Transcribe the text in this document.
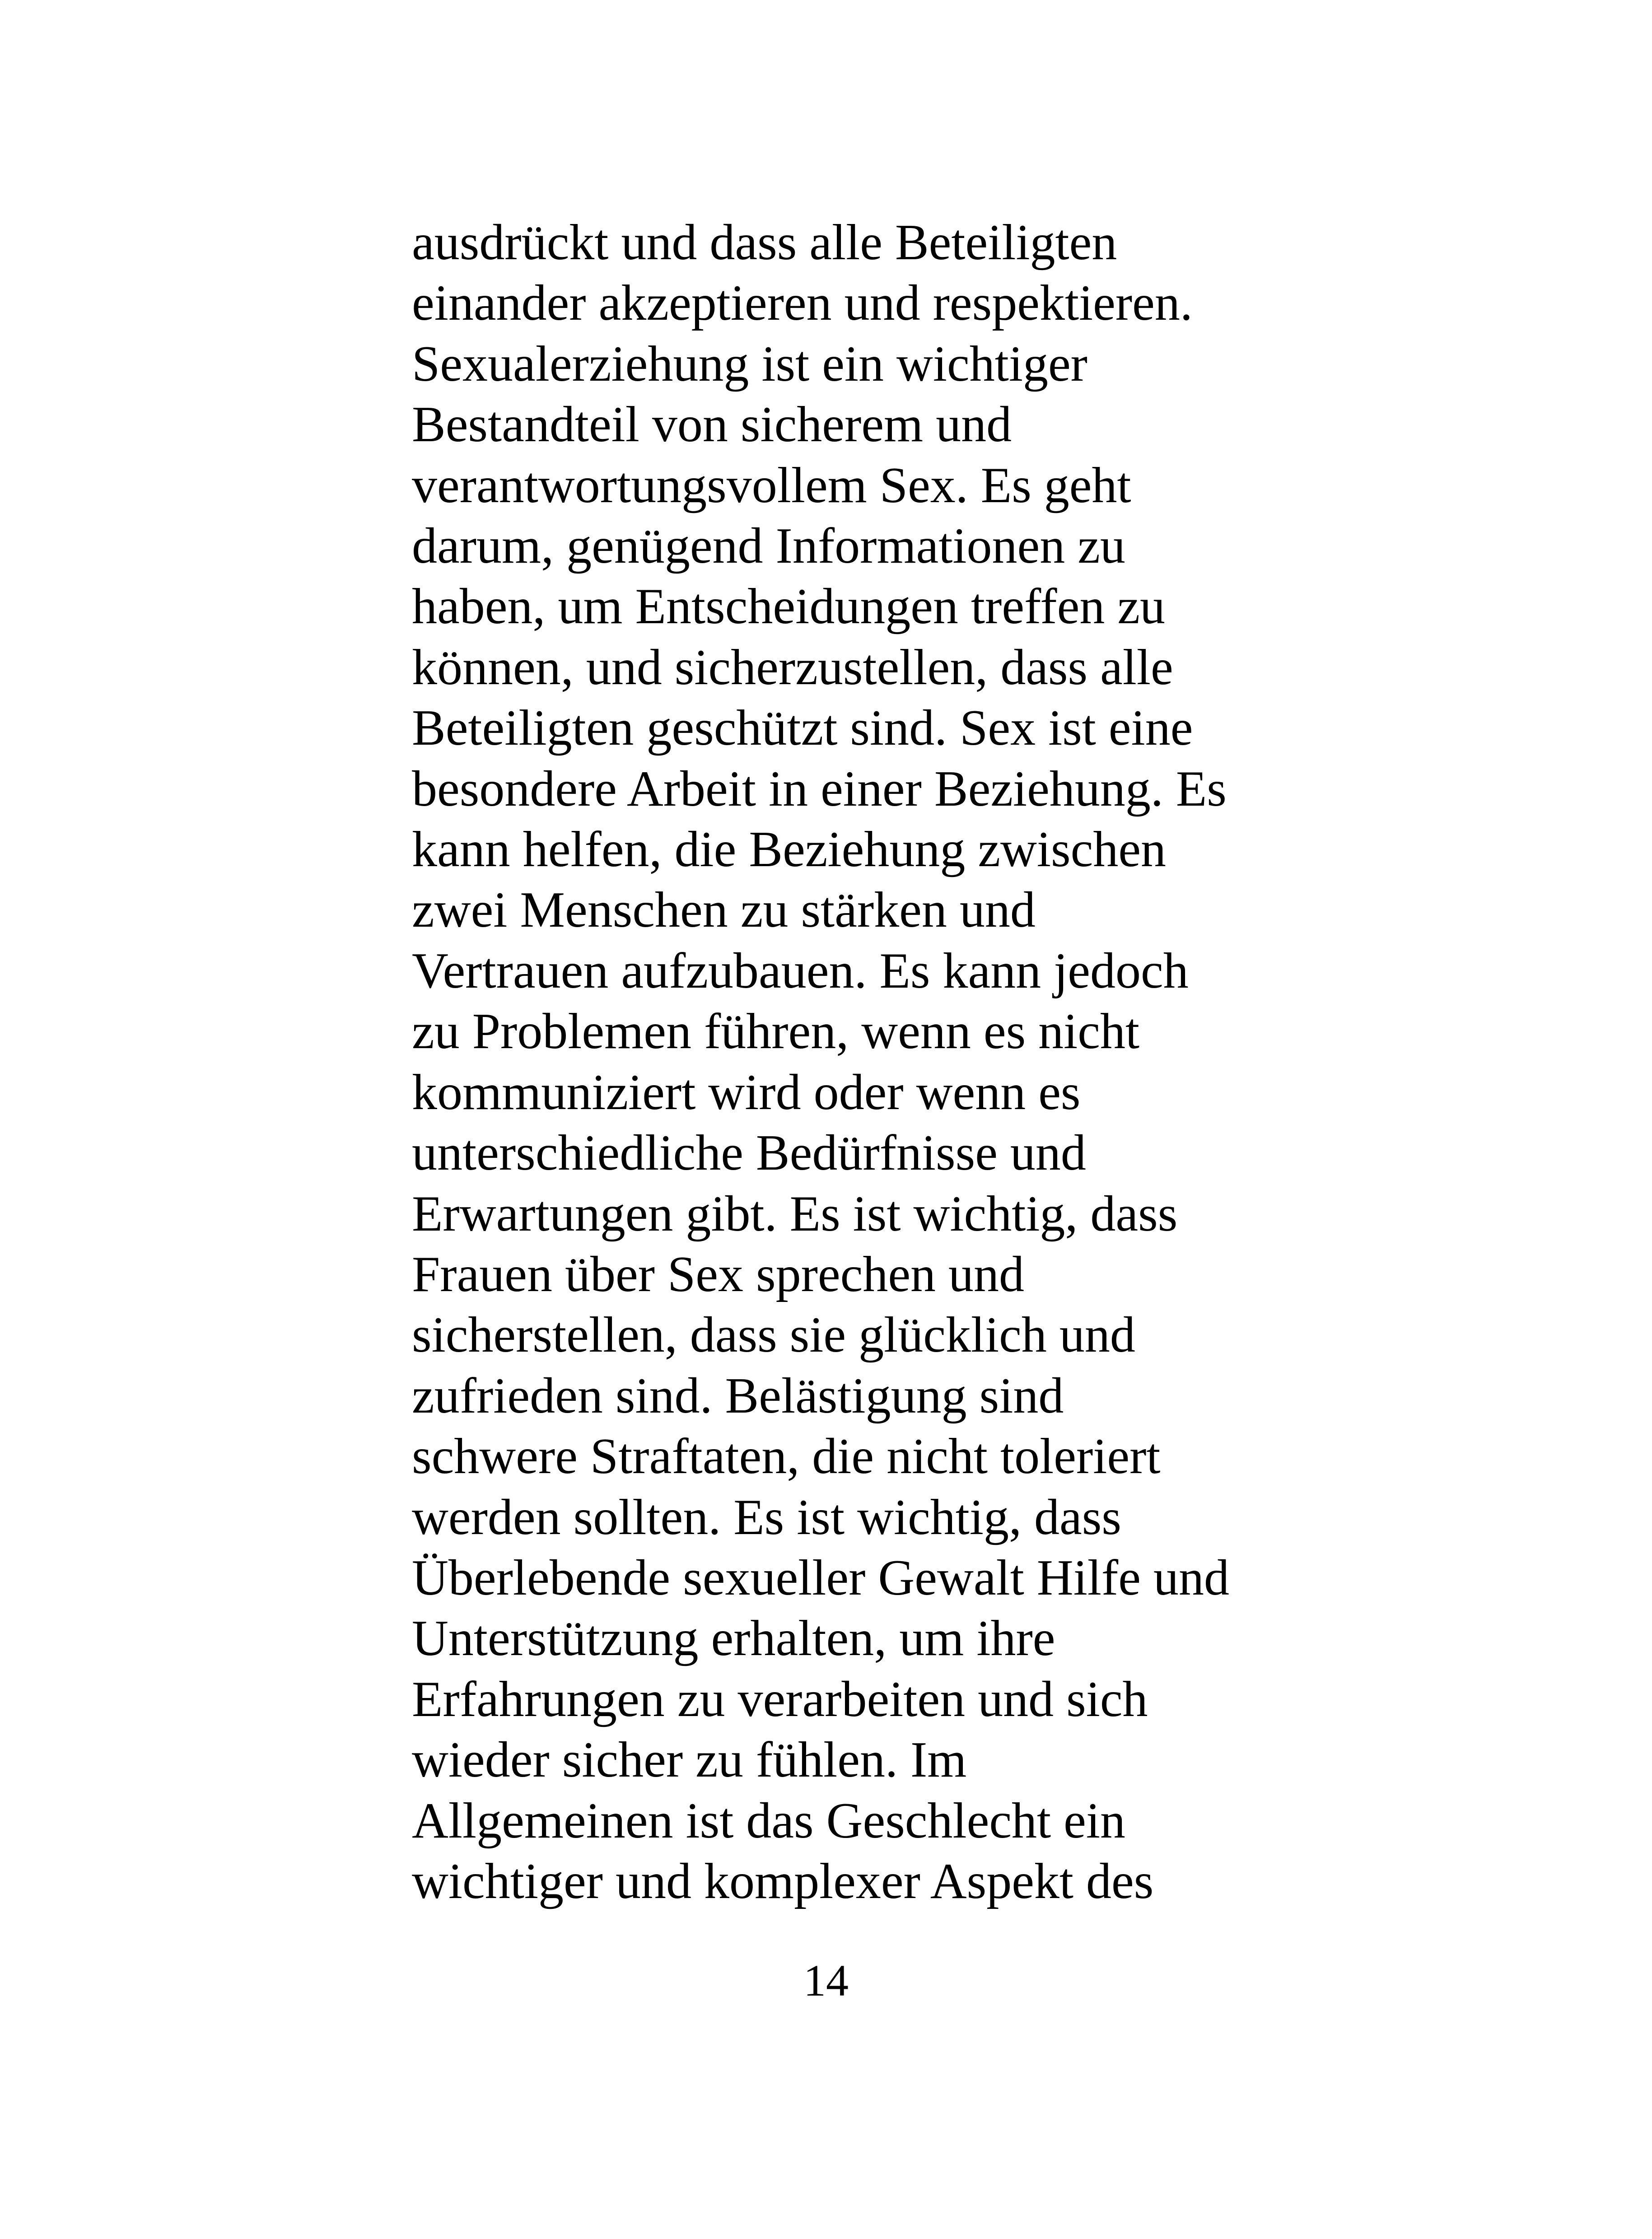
ausdrückt und dass alle Beteiligten
einander akzeptieren und respektieren.
Sexualerziehung ist ein wichtiger
Bestandteil von sicherem und
verantwortungsvollem Sex. Es geht
darum, genügend Informationen zu
haben, um Entscheidungen treffen zu
können, und sicherzustellen, dass alle
Beteiligten geschützt sind. Sex ist eine
besondere Arbeit in einer Beziehung. Es
kann helfen, die Beziehung zwischen
zwei Menschen zu stärken und
Vertrauen aufzubauen. Es kann jedoch
zu Problemen führen, wenn es nicht
kommuniziert wird oder wenn es
unterschiedliche Bedürfnisse und
Erwartungen gibt. Es ist wichtig, dass
Frauen über Sex sprechen und
sicherstellen, dass sie glücklich und
zufrieden sind. Belästigung sind
schwere Straftaten, die nicht toleriert
werden sollten. Es ist wichtig, dass
Überlebende sexueller Gewalt Hilfe und
Unterstützung erhalten, um ihre
Erfahrungen zu verarbeiten und sich
wieder sicher zu fühlen. Im
Allgemeinen ist das Geschlecht ein
wichtiger und komplexer Aspekt des
14
